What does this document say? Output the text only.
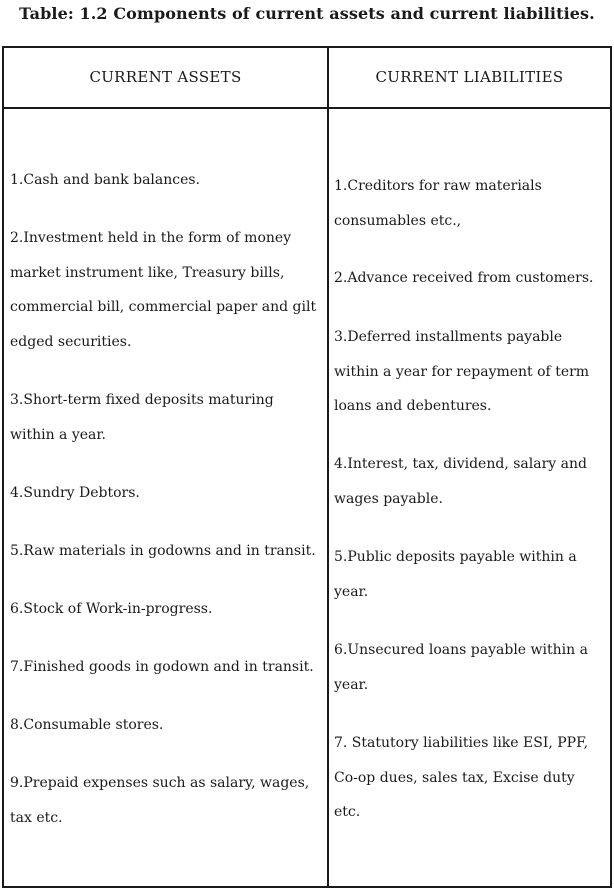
Table: 1.2 Components of current assets and current liabilities.
CURRENT ASSETS	CURRENT LIABILITIES
1.Cash and bank balances.
2.Investment held in the form of money
market instrument like, Treasury bills,
commercial bill, commercial paper and gilt
edged securities.
3.Short-term fixed deposits maturing
within a year.
4.Sundry Debtors.
5.Raw materials in godowns and in transit.
6.Stock of Work-in-progress.
7.Finished goods in godown and in transit.
8.Consumable stores.
9.Prepaid expenses such as salary, wages,
tax etc.
1.Creditors for raw materials
consumables etc.,
2.Advance received from customers.
3.Deferred installments payable
within a year for repayment of term
loans and debentures.
4.Interest, tax, dividend, salary and
wages payable.
5.Public deposits payable within a
year.
6.Unsecured loans payable within a
year.
7. Statutory liabilities like ESI, PPF,
Co-op dues, sales tax, Excise duty
etc.
